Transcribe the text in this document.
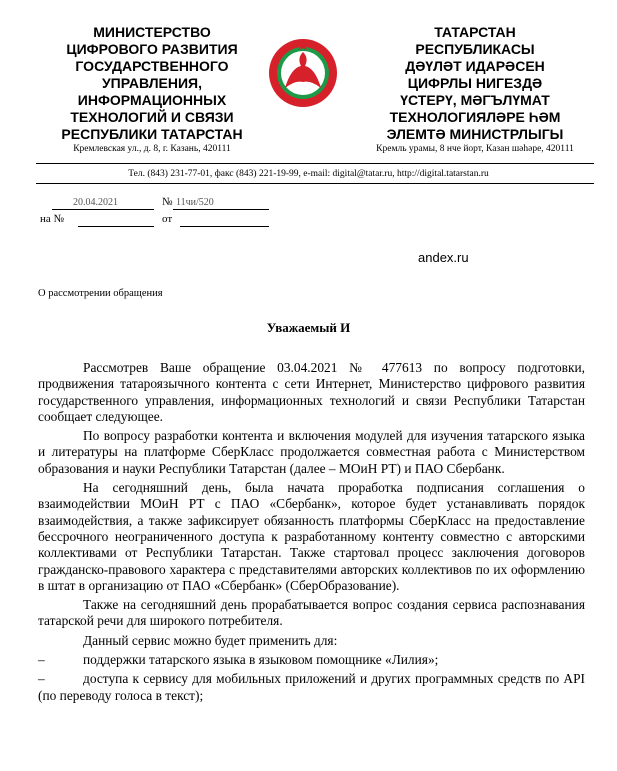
МИНИСТЕРСТВО
ЦИФРОВОГО РАЗВИТИЯ
ГОСУДАРСТВЕННОГО
УПРАВЛЕНИЯ,
ИНФОРМАЦИОННЫХ
ТЕХНОЛОГИЙ И СВЯЗИ
РЕСПУБЛИКИ ТАТАРСТАН
Кремлевская ул., д. 8, г. Казань, 420111
ТАТАРСТАН
РЕСПУБЛИКАСЫ
ДӘҮЛӘТ ИДАРӘСЕН
ЦИФРЛЫ НИГЕЗДӘ
ҮСТЕРҮ, МӘГЪЛҮМАТ
ТЕХНОЛОГИЯЛӘРЕ ҺӘМ
ЭЛЕМТӘ МИНИСТРЛЫГЫ
Кремль урамы, 8 нче йорт, Казан шәһәре, 420111
Тел. (843) 231-77-01, факс (843) 221-19-99, e-mail: digital@tatar.ru, http://digital.tatarstan.ru
20.04.2021	№ 11чи/520
на №	от
andex.ru
О рассмотрении обращения
Уважаемый И

Рассмотрев Ваше обращение 03.04.2021 № 477613 по вопросу подготовки, продвижения татароязычного контента с сети Интернет, Министерство цифрового развития государственного управления, информационных технологий и связи Республики Татарстан сообщает следующее.

По вопросу разработки контента и включения модулей для изучения татарского языка и литературы на платформе СберКласс продолжается совместная работа с Министерством образования и науки Республики Татарстан (далее – МОиН РТ) и ПАО Сбербанк.

На сегодняшний день, была начата проработка подписания соглашения о взаимодействии МОиН РТ с ПАО «Сбербанк», которое будет устанавливать порядок взаимодействия, а также зафиксирует обязанность платформы СберКласс на предоставление бессрочного неограниченного доступа к разработанному контенту совместно с авторскими коллективами от Республики Татарстан. Также стартовал процесс заключения договоров гражданско-правового характера с представителями авторских коллективов по их оформлению в штат в организацию от ПАО «Сбербанк» (СберОбразование).

Также на сегодняшний день прорабатывается вопрос создания сервиса распознавания татарской речи для широкого потребителя.

Данный сервис можно будет применить для:

–	поддержки татарского языка в языковом помощнике «Лилия»;
–	доступа к сервису для мобильных приложений и других программных средств по API (по переводу голоса в текст);
